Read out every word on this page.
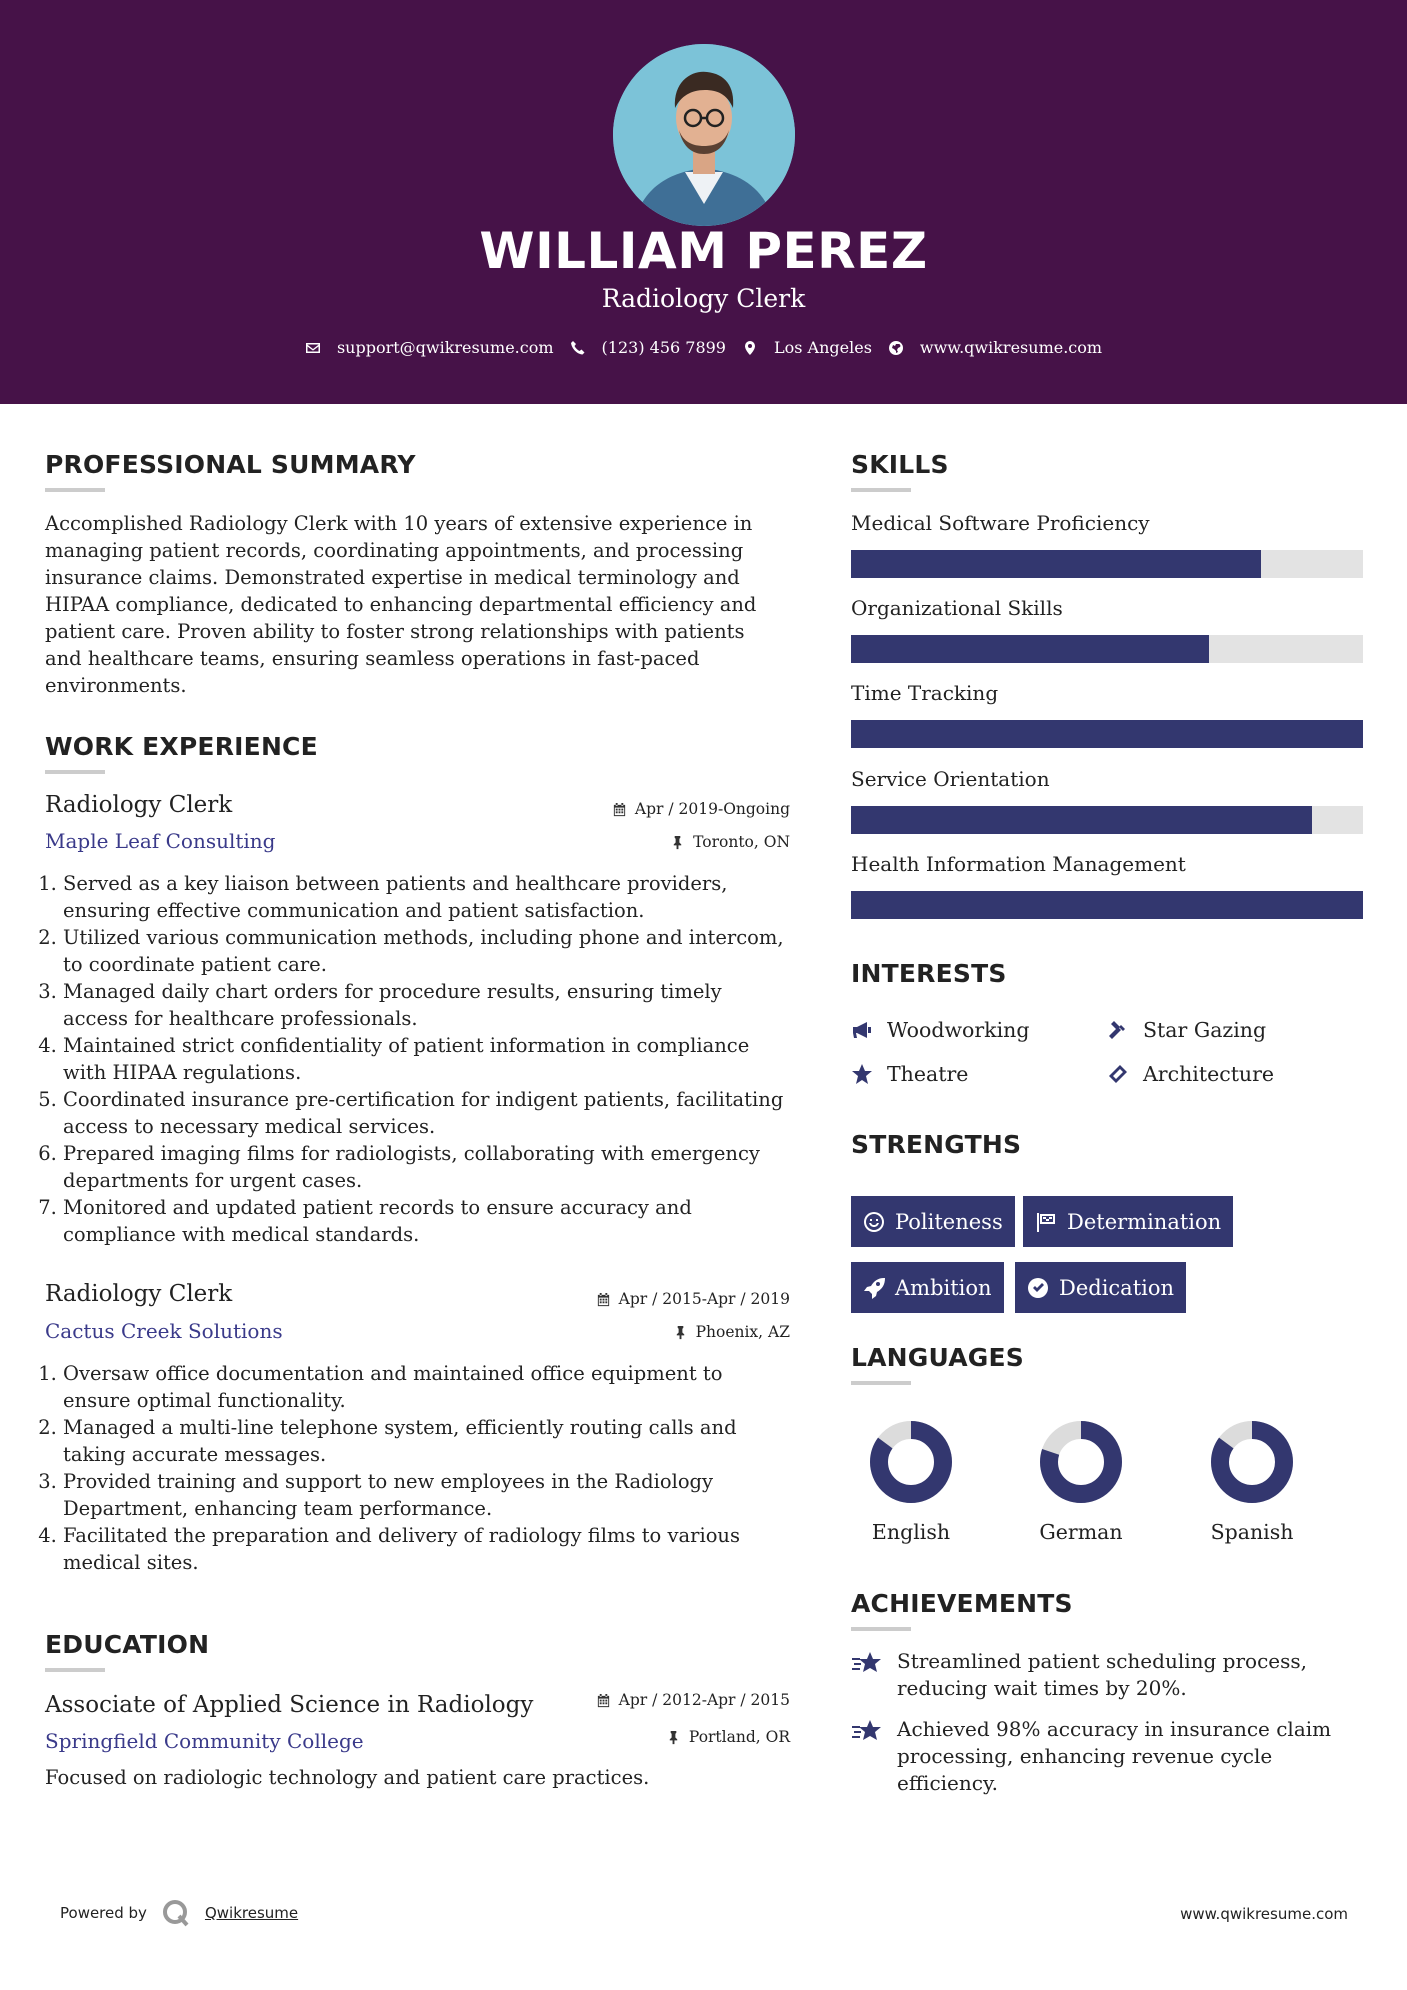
WILLIAM PEREZ
Radiology Clerk
support@qwikresume.com	(123) 456 7899	Los Angeles	www.qwikresume.com
PROFESSIONAL SUMMARY
Accomplished Radiology Clerk with 10 years of extensive experience in managing patient records, coordinating appointments, and processing insurance claims. Demonstrated expertise in medical terminology and HIPAA compliance, dedicated to enhancing departmental efficiency and patient care. Proven ability to foster strong relationships with patients and healthcare teams, ensuring seamless operations in fast-paced environments.
WORK EXPERIENCE
Radiology Clerk	Apr / 2019-Ongoing
Maple Leaf Consulting	Toronto, ON
1. Served as a key liaison between patients and healthcare providers, ensuring effective communication and patient satisfaction.
2. Utilized various communication methods, including phone and intercom, to coordinate patient care.
3. Managed daily chart orders for procedure results, ensuring timely access for healthcare professionals.
4. Maintained strict confidentiality of patient information in compliance with HIPAA regulations.
5. Coordinated insurance pre-certification for indigent patients, facilitating access to necessary medical services.
6. Prepared imaging films for radiologists, collaborating with emergency departments for urgent cases.
7. Monitored and updated patient records to ensure accuracy and compliance with medical standards.
Radiology Clerk	Apr / 2015-Apr / 2019
Cactus Creek Solutions	Phoenix, AZ
1. Oversaw office documentation and maintained office equipment to ensure optimal functionality.
2. Managed a multi-line telephone system, efficiently routing calls and taking accurate messages.
3. Provided training and support to new employees in the Radiology Department, enhancing team performance.
4. Facilitated the preparation and delivery of radiology films to various medical sites.
EDUCATION
Associate of Applied Science in Radiology	Apr / 2012-Apr / 2015
Springfield Community College	Portland, OR
Focused on radiologic technology and patient care practices.
SKILLS
Medical Software Proficiency
Organizational Skills
Time Tracking
Service Orientation
Health Information Management
INTERESTS
Woodworking	Star Gazing
Theatre	Architecture
STRENGTHS
Politeness	Determination
Ambition	Dedication
LANGUAGES
English	German	Spanish
ACHIEVEMENTS
Streamlined patient scheduling process, reducing wait times by 20%.
Achieved 98% accuracy in insurance claim processing, enhancing revenue cycle efficiency.
Powered by	Qwikresume	www.qwikresume.com
